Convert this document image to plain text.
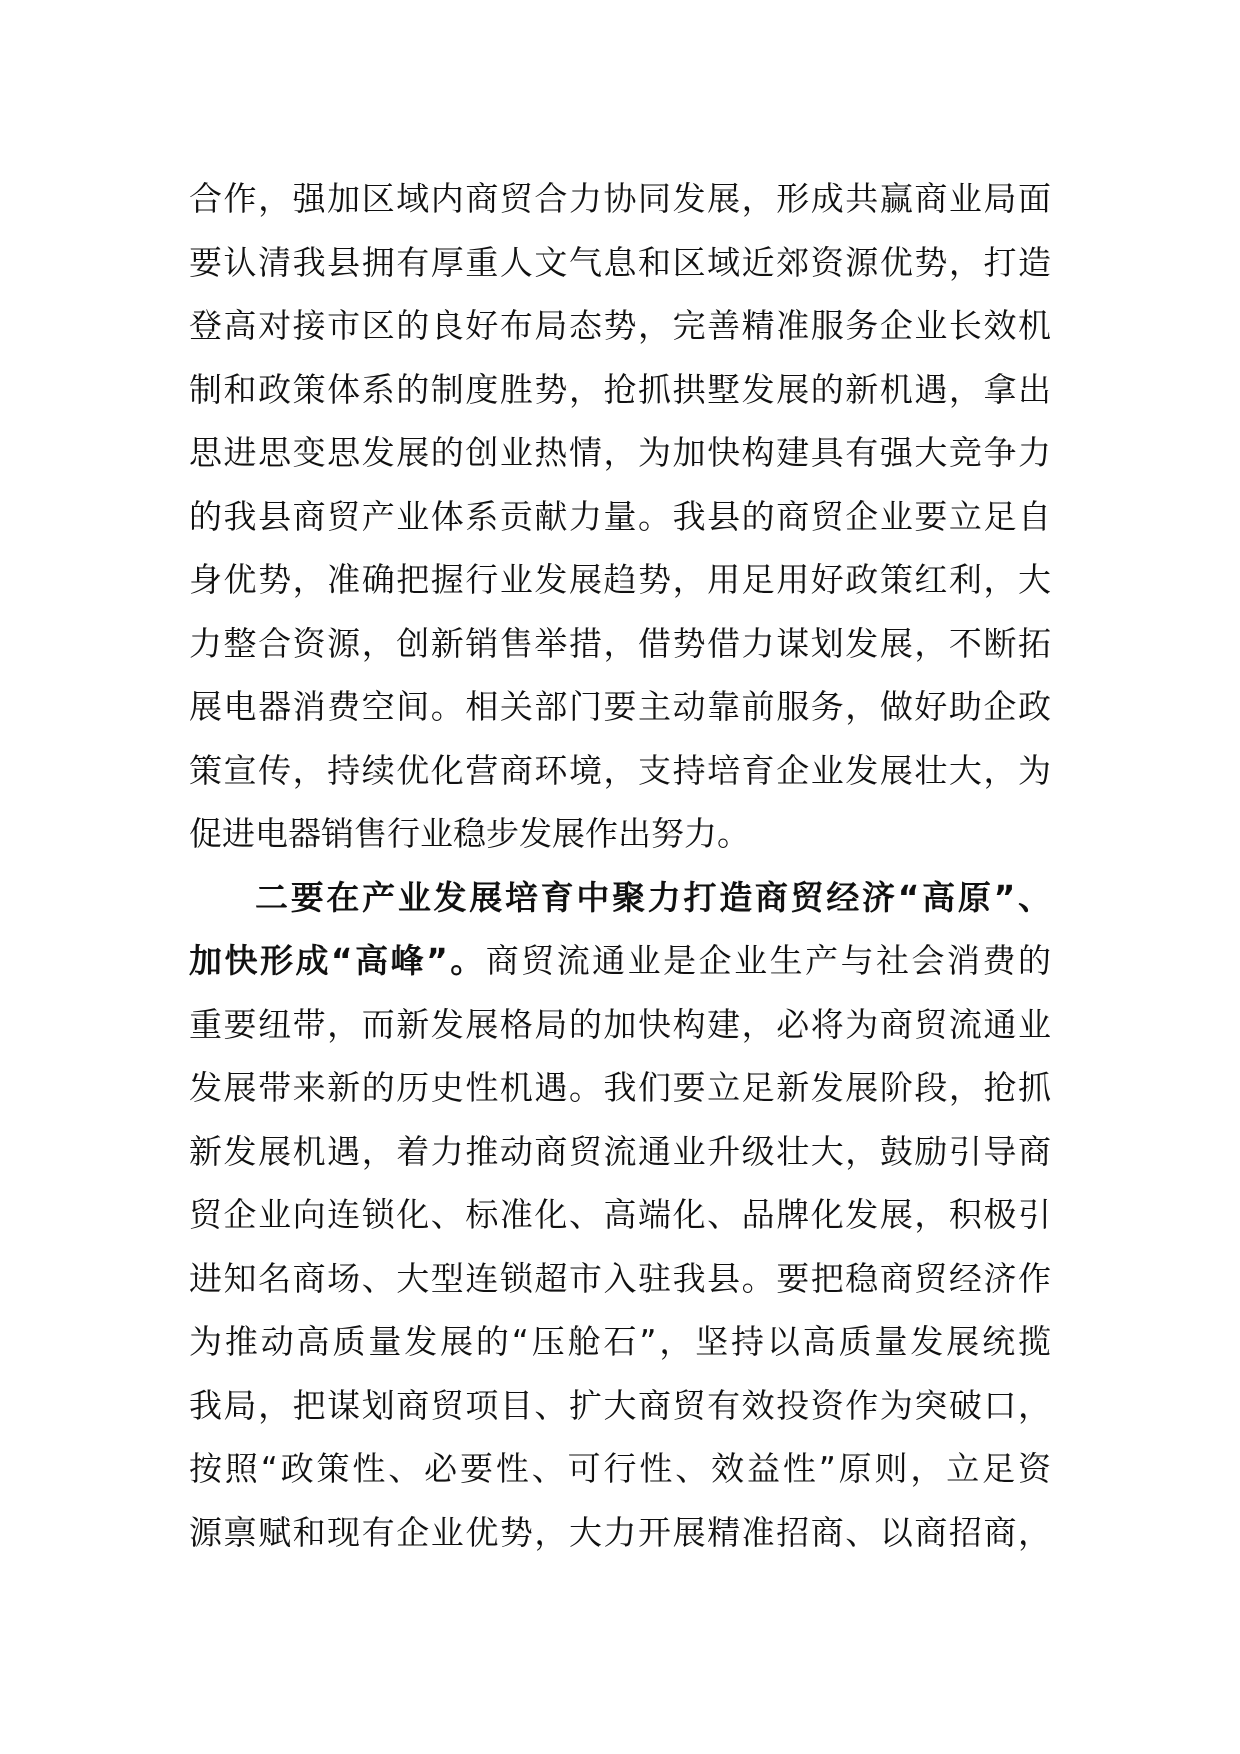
合作，强加区域内商贸合力协同发展，形成共赢商业局面
要认清我县拥有厚重人文气息和区域近郊资源优势，打造
登高对接市区的良好布局态势，完善精准服务企业长效机
制和政策体系的制度胜势，抢抓拱墅发展的新机遇，拿出
思进思变思发展的创业热情，为加快构建具有强大竞争力
的我县商贸产业体系贡献力量。我县的商贸企业要立足自
身优势，准确把握行业发展趋势，用足用好政策红利，大
力整合资源，创新销售举措，借势借力谋划发展，不断拓
展电器消费空间。相关部门要主动靠前服务，做好助企政
策宣传，持续优化营商环境，支持培育企业发展壮大，为
促进电器销售行业稳步发展作出努力。
二要在产业发展培育中聚力打造商贸经济“高原”、
加快形成“高峰”。商贸流通业是企业生产与社会消费的
重要纽带，而新发展格局的加快构建，必将为商贸流通业
发展带来新的历史性机遇。我们要立足新发展阶段，抢抓
新发展机遇，着力推动商贸流通业升级壮大，鼓励引导商
贸企业向连锁化、标准化、高端化、品牌化发展，积极引
进知名商场、大型连锁超市入驻我县。要把稳商贸经济作
为推动高质量发展的“压舱石”，坚持以高质量发展统揽
我局，把谋划商贸项目、扩大商贸有效投资作为突破口，
按照“政策性、必要性、可行性、效益性”原则，立足资
源禀赋和现有企业优势，大力开展精准招商、以商招商，
